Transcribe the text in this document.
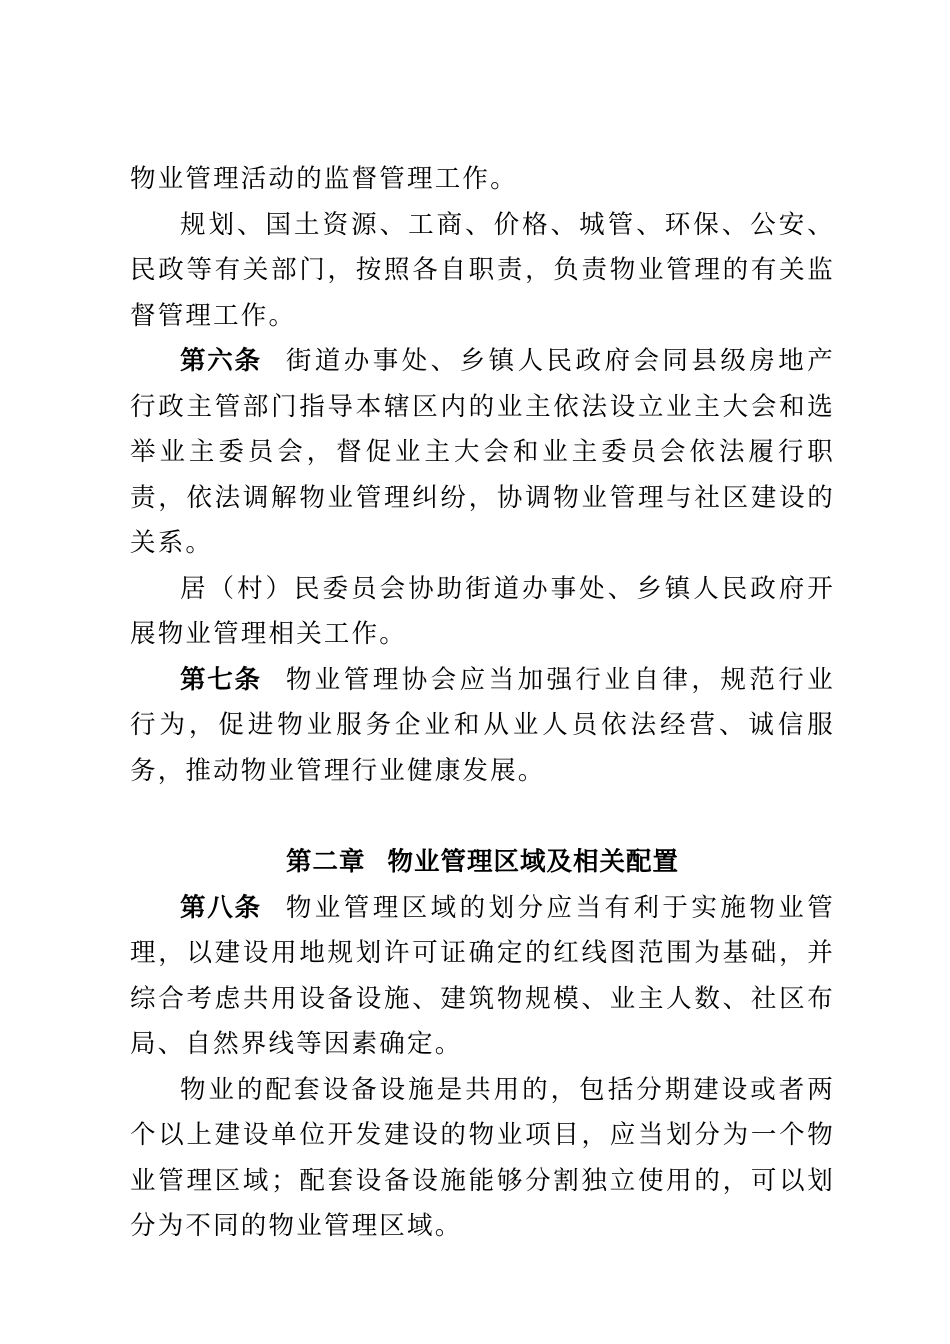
物业管理活动的监督管理工作。

规划、国土资源、工商、价格、城管、环保、公安、民政等有关部门，按照各自职责，负责物业管理的有关监督管理工作。

第六条 街道办事处、乡镇人民政府会同县级房地产行政主管部门指导本辖区内的业主依法设立业主大会和选举业主委员会，督促业主大会和业主委员会依法履行职责，依法调解物业管理纠纷，协调物业管理与社区建设的关系。

居（村）民委员会协助街道办事处、乡镇人民政府开展物业管理相关工作。

第七条 物业管理协会应当加强行业自律，规范行业行为，促进物业服务企业和从业人员依法经营、诚信服务，推动物业管理行业健康发展。

第二章 物业管理区域及相关配置

第八条 物业管理区域的划分应当有利于实施物业管理，以建设用地规划许可证确定的红线图范围为基础，并综合考虑共用设备设施、建筑物规模、业主人数、社区布局、自然界线等因素确定。

物业的配套设备设施是共用的，包括分期建设或者两个以上建设单位开发建设的物业项目，应当划分为一个物业管理区域；配套设备设施能够分割独立使用的，可以划分为不同的物业管理区域。
